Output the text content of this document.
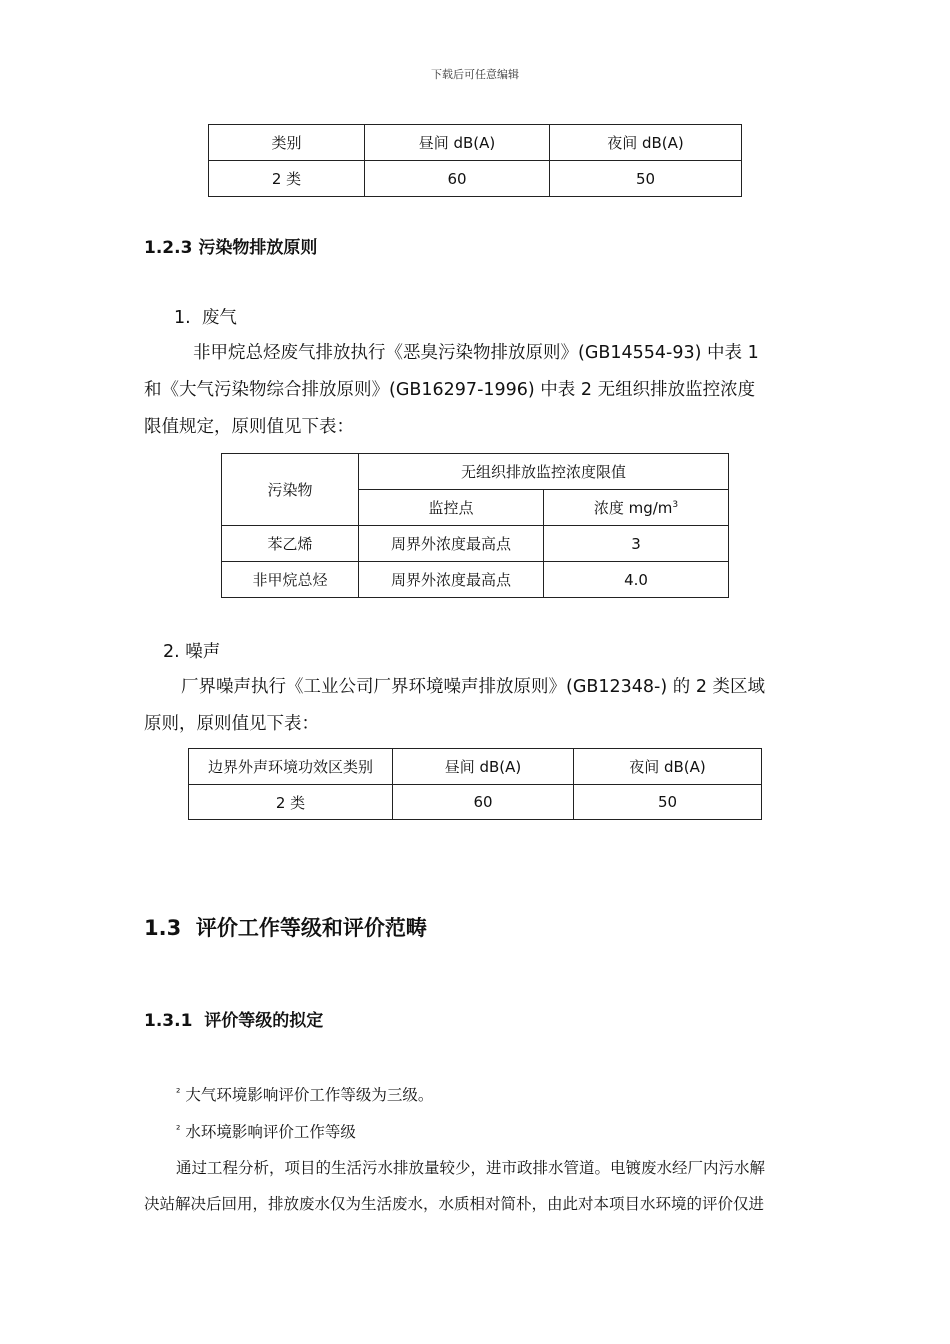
下载后可任意编辑
类别	昼间 dB(A)	夜间 dB(A)
2 类	60	50
1.2.3 污染物排放原则
1. 废气
非甲烷总烃废气排放执行《恶臭污染物排放原则》(GB14554-93) 中表 1
和《大气污染物综合排放原则》(GB16297-1996) 中表 2 无组织排放监控浓度
限值规定，原则值见下表：
污染物	无组织排放监控浓度限值	
	监控点	浓度 $mg/m^3$
苯乙烯	周界外浓度最高点	3
非甲烷总烃	周界外浓度最高点	4.0
2. 噪声
厂界噪声执行《工业公司厂界环境噪声排放原则》(GB12348-) 的 2 类区域
原则，原则值见下表：
边界外声环境功效区类别	昼间 dB(A)	夜间 dB(A)
2 类	60	50
1.3 评价工作等级和评价范畴
1.3.1 评价等级的拟定
$^{^2}$ 大气环境影响评价工作等级为三级。
$^{^2}$ 水环境影响评价工作等级
通过工程分析，项目的生活污水排放量较少，进市政排水管道。电镀废水经厂内污水解
决站解决后回用，排放废水仅为生活废水，水质相对简朴，由此对本项目水环境的评价仅进
